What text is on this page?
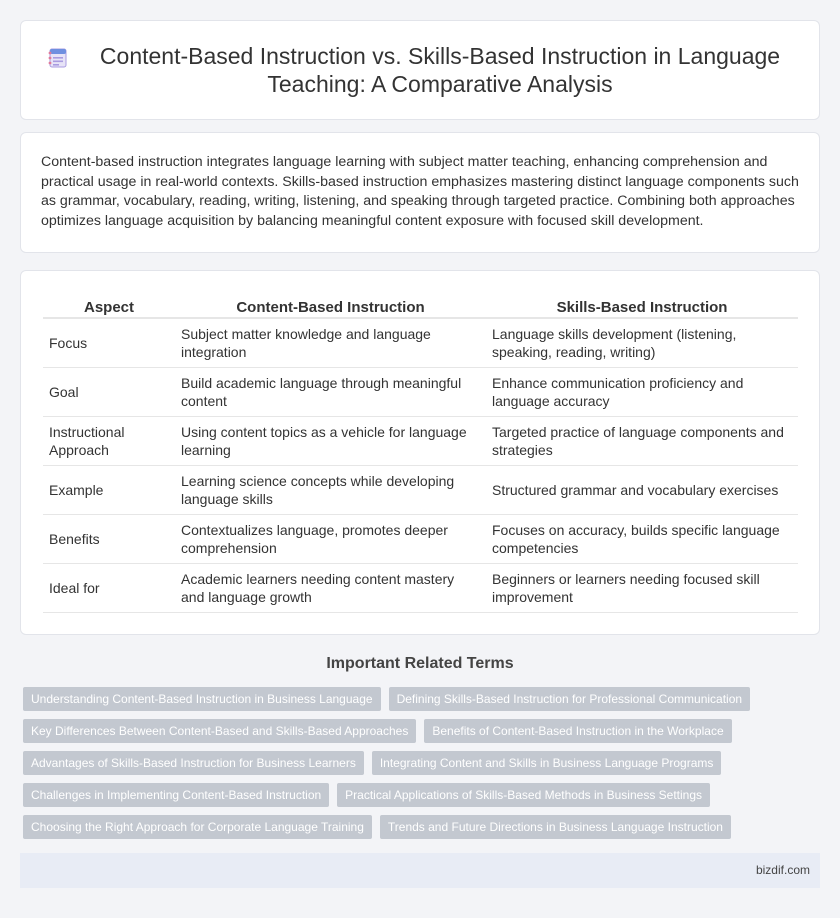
Content-Based Instruction vs. Skills-Based Instruction in Language Teaching: A Comparative Analysis

Content-based instruction integrates language learning with subject matter teaching, enhancing comprehension and practical usage in real-world contexts. Skills-based instruction emphasizes mastering distinct language components such as grammar, vocabulary, reading, writing, listening, and speaking through targeted practice. Combining both approaches optimizes language acquisition by balancing meaningful content exposure with focused skill development.

Aspect	Content-Based Instruction	Skills-Based Instruction
Focus	Subject matter knowledge and language integration	Language skills development (listening, speaking, reading, writing)
Goal	Build academic language through meaningful content	Enhance communication proficiency and language accuracy
Instructional Approach	Using content topics as a vehicle for language learning	Targeted practice of language components and strategies
Example	Learning science concepts while developing language skills	Structured grammar and vocabulary exercises
Benefits	Contextualizes language, promotes deeper comprehension	Focuses on accuracy, builds specific language competencies
Ideal for	Academic learners needing content mastery and language growth	Beginners or learners needing focused skill improvement
Important Related Terms
Understanding Content-Based Instruction in Business Language	Defining Skills-Based Instruction for Professional Communication
Key Differences Between Content-Based and Skills-Based Approaches	Benefits of Content-Based Instruction in the Workplace
Advantages of Skills-Based Instruction for Business Learners	Integrating Content and Skills in Business Language Programs
Challenges in Implementing Content-Based Instruction	Practical Applications of Skills-Based Methods in Business Settings
Choosing the Right Approach for Corporate Language Training	Trends and Future Directions in Business Language Instruction
bizdif.com
